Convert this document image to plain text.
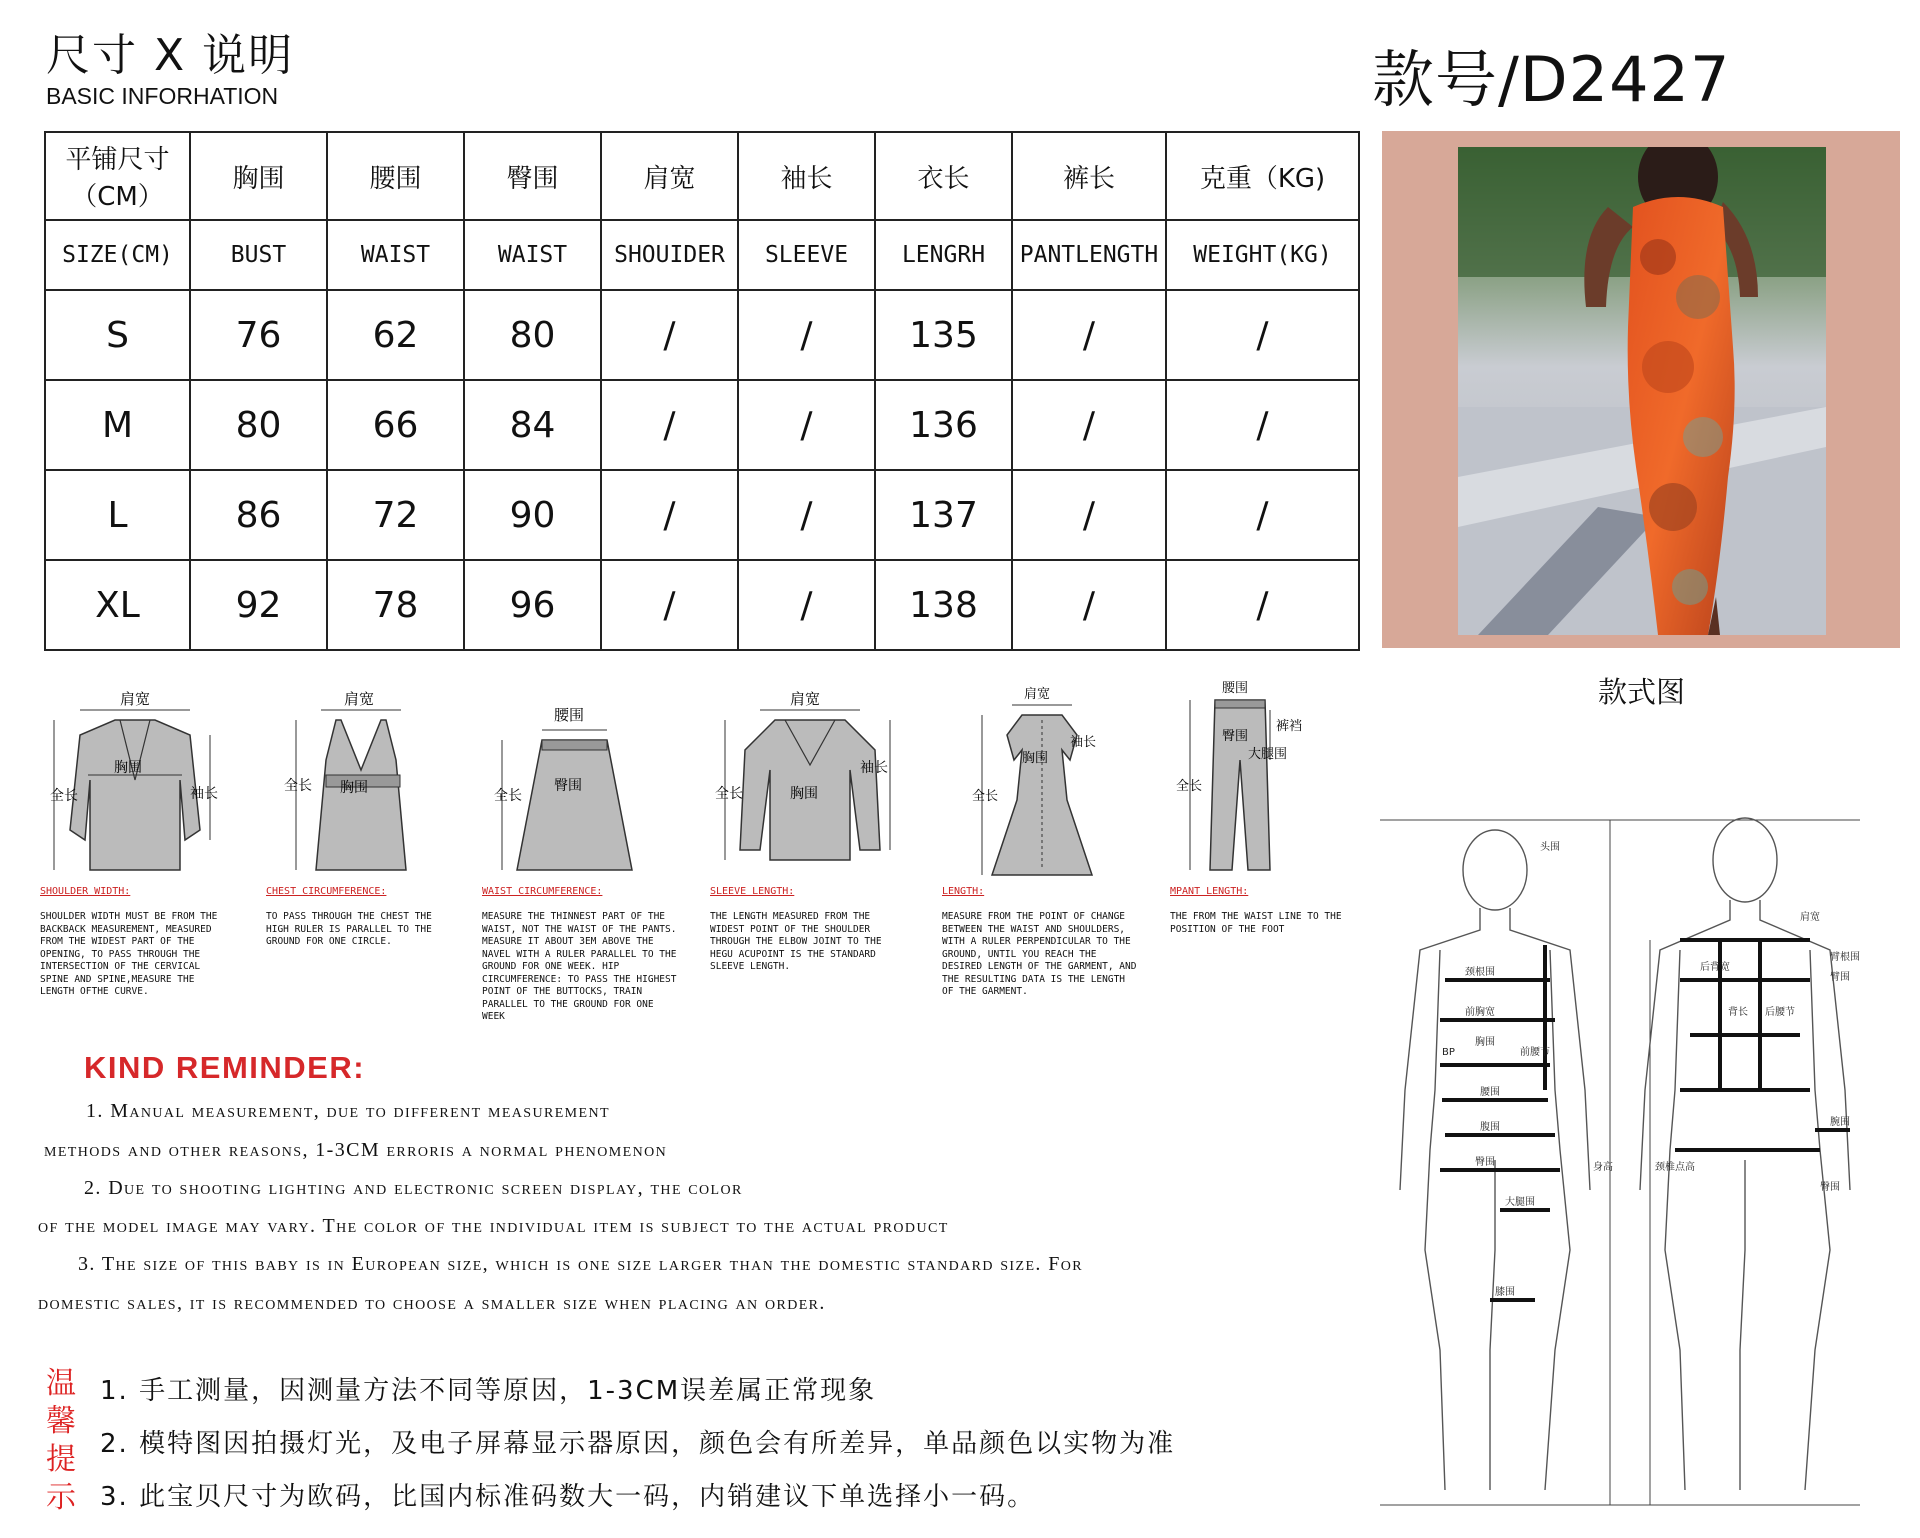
尺寸 X 说明
BASIC INFORHATION	款号/D2427
平铺尺寸（CM）	胸围	腰围	臀围	肩宽	袖长	衣长	裤长	克重（KG)
SIZE(CM)	BUST	WAIST	WAIST	SHOUIDER	SLEEVE	LENGRH	PANTLENGTH	WEIGHT(KG)
S	76	62	80	/	/	135	/	/
M	80	66	84	/	/	136	/	/
L	86	72	90	/	/	137	/	/
XL	92	78	96	/	/	138	/	/
款式图
肩宽
胸围
全长	袖长
SHOULDER WIDTH:
SHOULDER WIDTH MUST BE FROM THE BACKBACK MEASUREMENT, MEASURED FROM THE WIDEST PART OF THE OPENING, TO PASS THROUGH THE INTERSECTION OF THE CERVICAL SPINE AND SPINE,MEASURE THE LENGTH OFTHE CURVE.
肩宽
全长 胸围
CHEST CIRCUMFERENCE:
TO PASS THROUGH THE CHEST THE HIGH RULER IS PARALLEL TO THE GROUND FOR ONE CIRCLE.
腰围
全长
臀围
WAIST CIRCUMFERENCE:
MEASURE THE THINNEST PART OF THE WAIST, NOT THE WAIST OF THE PANTS. MEASURE IT ABOUT 3EM ABOVE THE NAVEL WITH A RULER PARALLEL TO THE GROUND FOR ONE WEEK. HIP CIRCUMFERENCE: TO PASS THE HIGHEST POINT OF THE BUTTOCKS, TRAIN PARALLEL TO THE GROUND FOR ONE WEEK
肩宽
全长	胸围
袖长
SLEEVE LENGTH:
THE LENGTH MEASURED FROM THE WIDEST POINT OF THE SHOULDER THROUGH THE ELBOW JOINT TO THE HEGU ACUPOINT IS THE STANDARD SLEEVE LENGTH.
肩宽
袖长
胸围
全长
LENGTH:
MEASURE FROM THE POINT OF CHANGE BETWEEN THE WAIST AND SHOULDERS, WITH A RULER PERPENDICULAR TO THE GROUND, UNTIL YOU REACH THE DESIRED LENGTH OF THE GARMENT, AND THE RESULTING DATA IS THE LENGTH OF THE GARMENT.
腰围
臀围
裤裆
大腿围
全长
MPANT LENGTH:
THE FROM THE WAIST LINE TO THE POSITION OF THE FOOT
KIND REMINDER:
1. Manual measurement, due to different measurement
methods and other reasons, 1-3CM erroris a normal phenomenon
2. Due to shooting lighting and electronic screen display, the color
of the model image may vary. The color of the individual item is subject to the actual product
3. The size of this baby is in European size, which is one size larger than the domestic standard size. For
domestic sales, it is recommended to choose a smaller size when placing an order.
温馨提示
1. 手工测量，因测量方法不同等原因，1-3CM误差属正常现象
2. 模特图因拍摄灯光，及电子屏幕显示器原因，颜色会有所差异，单品颜色以实物为准
3. 此宝贝尺寸为欧码，比国内标准码数大一码，内销建议下单选择小一码。
头围
颈根围
前胸宽
胸围
BP	前腰节
腰围
腹围
臀围
大腿围
膝围
身高
肩宽
臂根围
臂围
后背宽
背长 后腰节
腕围
颈椎点高
臀围
